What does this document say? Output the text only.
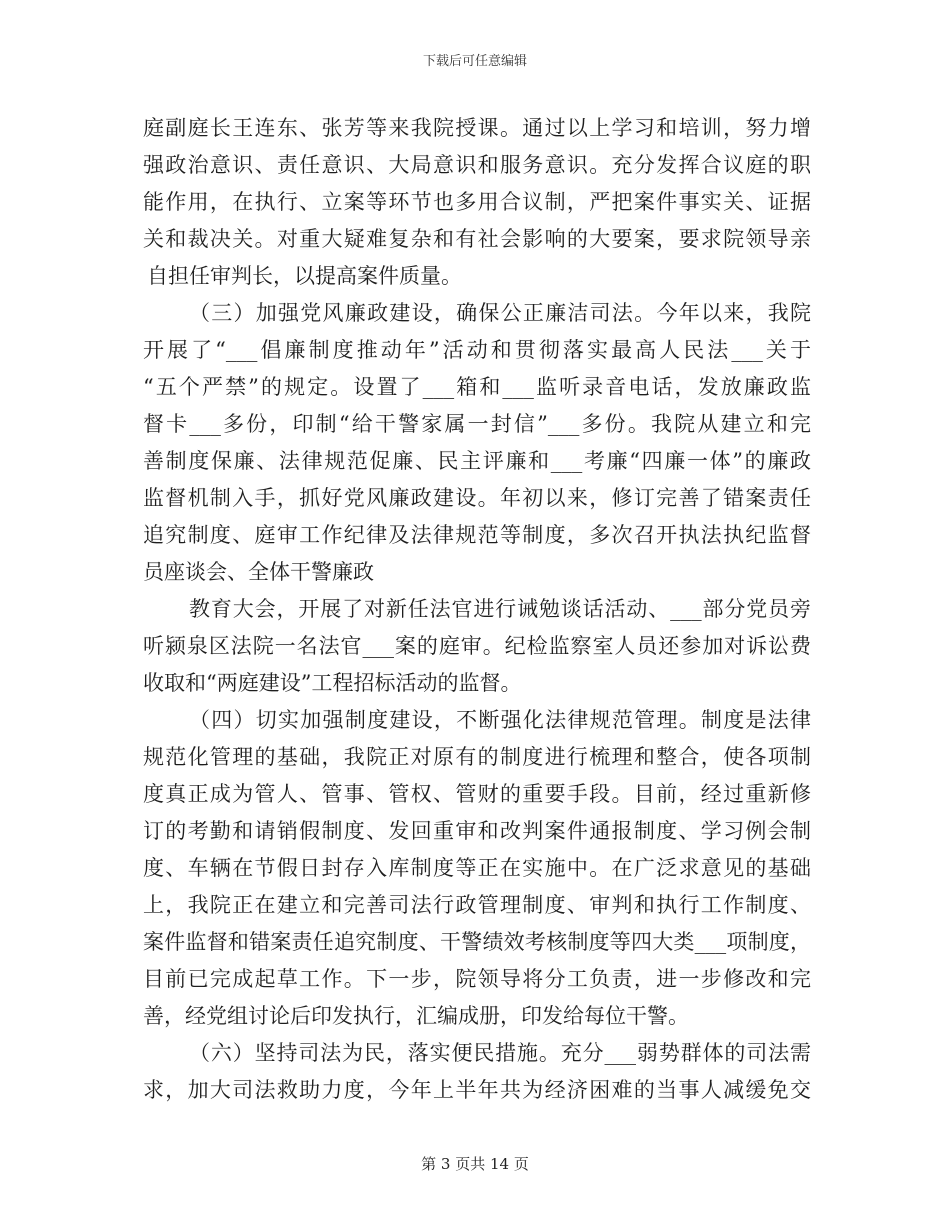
下载后可任意编辑
庭副庭长王连东、张芳等来我院授课。通过以上学习和培训，努力增
强政治意识、责任意识、大局意识和服务意识。充分发挥合议庭的职
能作用，在执行、立案等环节也多用合议制，严把案件事实关、证据
关和裁决关。对重大疑难复杂和有社会影响的大要案，要求院领导亲
自担任审判长，以提高案件质量。
（三）加强党风廉政建设，确保公正廉洁司法。今年以来，我院
开展了“___倡廉制度推动年”活动和贯彻落实最高人民法___关于
“五个严禁”的规定。设置了___箱和___监听录音电话，发放廉政监
督卡___多份，印制“给干警家属一封信”___多份。我院从建立和完
善制度保廉、法律规范促廉、民主评廉和___考廉“四廉一体”的廉政
监督机制入手，抓好党风廉政建设。年初以来，修订完善了错案责任
追究制度、庭审工作纪律及法律规范等制度，多次召开执法执纪监督
员座谈会、全体干警廉政
教育大会，开展了对新任法官进行诫勉谈话活动、___部分党员旁
听颍泉区法院一名法官___案的庭审。纪检监察室人员还参加对诉讼费
收取和“两庭建设”工程招标活动的监督。
（四）切实加强制度建设，不断强化法律规范管理。制度是法律
规范化管理的基础，我院正对原有的制度进行梳理和整合，使各项制
度真正成为管人、管事、管权、管财的重要手段。目前，经过重新修
订的考勤和请销假制度、发回重审和改判案件通报制度、学习例会制
度、车辆在节假日封存入库制度等正在实施中。在广泛求意见的基础
上，我院正在建立和完善司法行政管理制度、审判和执行工作制度、
案件监督和错案责任追究制度、干警绩效考核制度等四大类___项制度，
目前已完成起草工作。下一步，院领导将分工负责，进一步修改和完
善，经党组讨论后印发执行，汇编成册，印发给每位干警。
（六）坚持司法为民，落实便民措施。充分___弱势群体的司法需
求，加大司法救助力度，今年上半年共为经济困难的当事人减缓免交
第 3 页共 14 页
